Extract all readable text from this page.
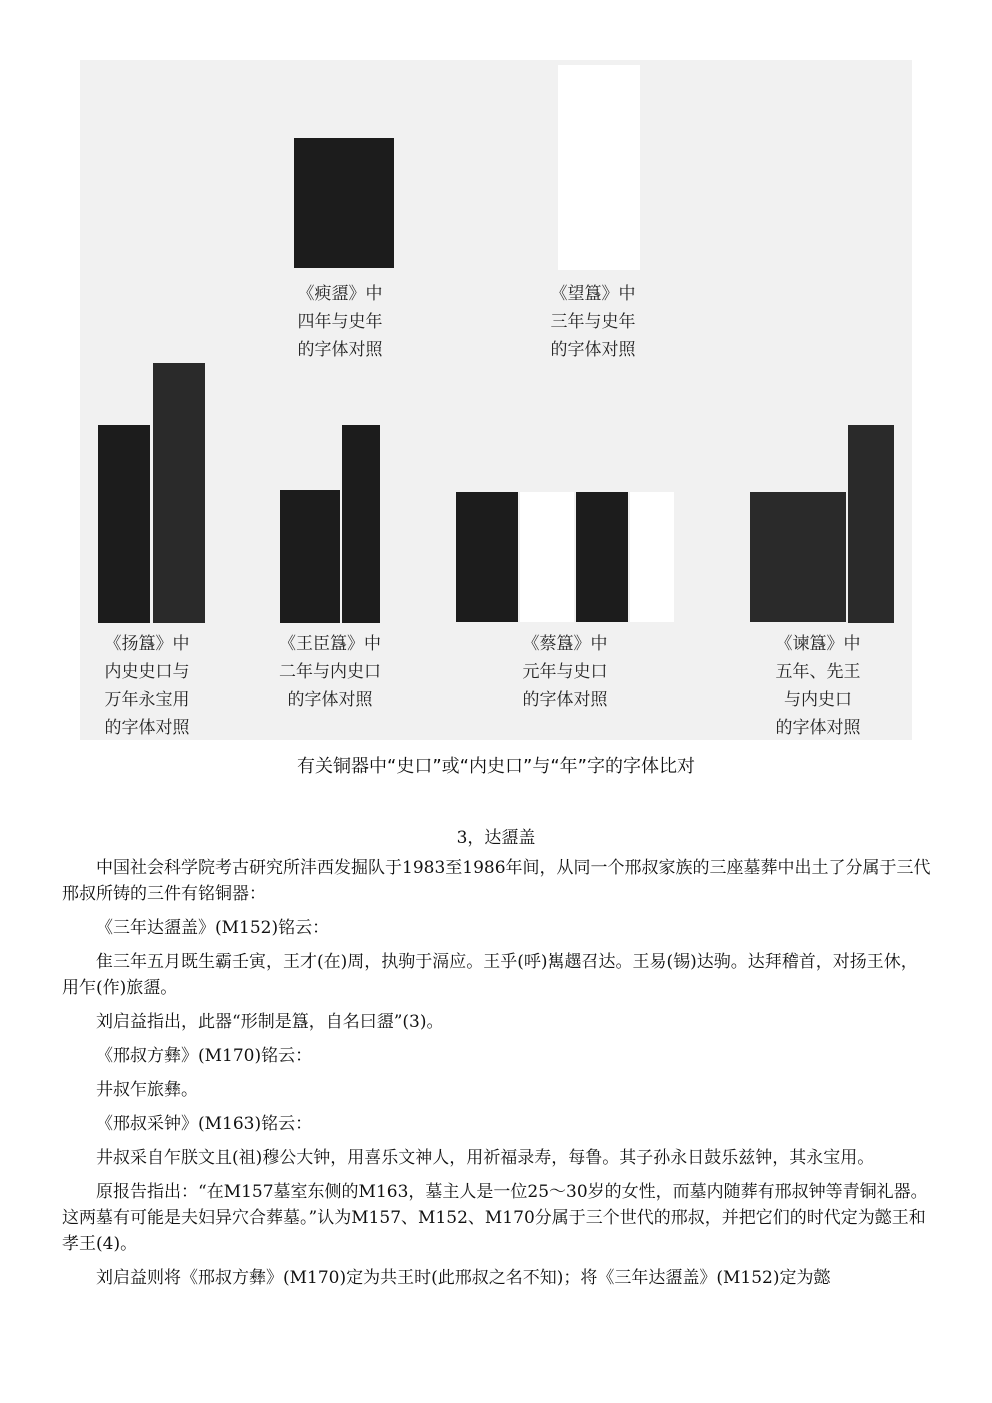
《瘐盨》中
四年与史年
的字体对照
《望簋》中
三年与史年
的字体对照
《扬簋》中
内史史口与
万年永宝用
的字体对照
《王臣簋》中
二年与内史口
的字体对照
《蔡簋》中
元年与史口
的字体对照
《谏簋》中
五年、先王
与内史口
的字体对照
有关铜器中“史口”或“内史口”与“年”字的字体比对
3，达盨盖

中国社会科学院考古研究所沣西发掘队于1983至1986年间，从同一个邢叔家族的三座墓葬中出土了分属于三代邢叔所铸的三件有铭铜器：

《三年达盨盖》(M152)铭云：

隹三年五月既生霸壬寅，王才(在)周，执驹于滆应。王乎(呼)嶲趩召达。王易(锡)达驹。达拜稽首，对扬王休，用乍(作)旅盨。

刘启益指出，此器“形制是簋，自名曰盨”(3)。

《邢叔方彝》(M170)铭云：

井叔乍旅彝。

《邢叔采钟》(M163)铭云：

井叔采自乍朕文且(祖)穆公大钟，用喜乐文神人，用祈福录寿，每鲁。其子孙永日鼓乐兹钟，其永宝用。

原报告指出：“在M157墓室东侧的M163，墓主人是一位25～30岁的女性，而墓内随葬有邢叔钟等青铜礼器。这两墓有可能是夫妇异穴合葬墓。”认为M157、M152、M170分属于三个世代的邢叔，并把它们的时代定为懿王和孝王(4)。

刘启益则将《邢叔方彝》(M170)定为共王时(此邢叔之名不知)；将《三年达盨盖》(M152)定为懿
